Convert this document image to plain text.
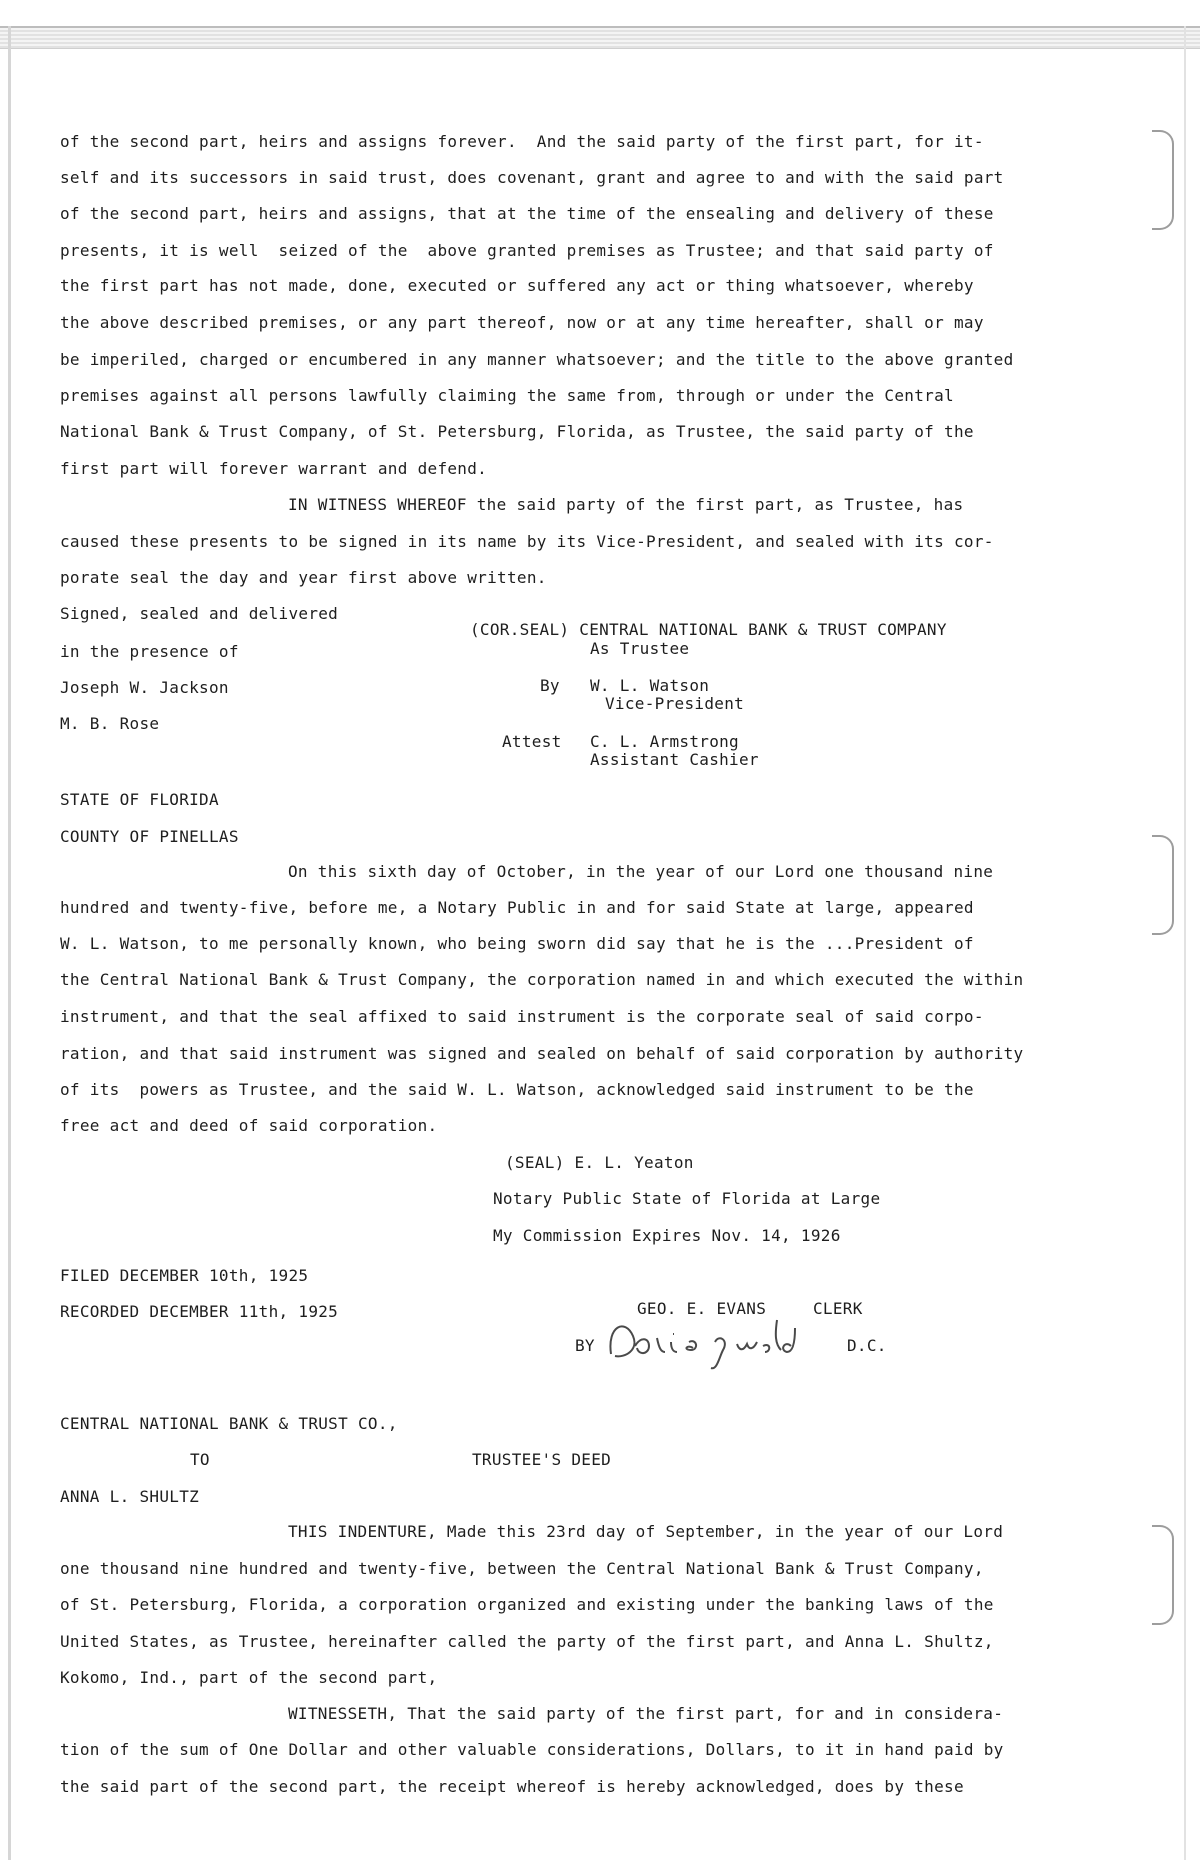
of the second part, heirs and assigns forever.  And the said party of the first part, for it-
self and its successors in said trust, does covenant, grant and agree to and with the said part
of the second part, heirs and assigns, that at the time of the ensealing and delivery of these
presents, it is well  seized of the  above granted premises as Trustee; and that said party of
the first part has not made, done, executed or suffered any act or thing whatsoever, whereby
the above described premises, or any part thereof, now or at any time hereafter, shall or may
be imperiled, charged or encumbered in any manner whatsoever; and the title to the above granted
premises against all persons lawfully claiming the same from, through or under the Central
National Bank & Trust Company, of St. Petersburg, Florida, as Trustee, the said party of the
first part will forever warrant and defend.
IN WITNESS WHEREOF the said party of the first part, as Trustee, has
caused these presents to be signed in its name by its Vice-President, and sealed with its cor-
porate seal the day and year first above written.
Signed, sealed and delivered
in the presence of
Joseph W. Jackson
M. B. Rose
(COR.SEAL) CENTRAL NATIONAL BANK & TRUST COMPANY
As Trustee
By W. L. Watson
Vice-President
Attest C. L. Armstrong
Assistant Cashier
STATE OF FLORIDA
COUNTY OF PINELLAS
On this sixth day of October, in the year of our Lord one thousand nine
hundred and twenty-five, before me, a Notary Public in and for said State at large, appeared
W. L. Watson, to me personally known, who being sworn did say that he is the ...President of
the Central National Bank & Trust Company, the corporation named in and which executed the within
instrument, and that the seal affixed to said instrument is the corporate seal of said corpo-
ration, and that said instrument was signed and sealed on behalf of said corporation by authority
of its  powers as Trustee, and the said W. L. Watson, acknowledged said instrument to be the
free act and deed of said corporation.
(SEAL) E. L. Yeaton
Notary Public State of Florida at Large
My Commission Expires Nov. 14, 1926
FILED DECEMBER 10th, 1925
RECORDED DECEMBER 11th, 1925	GEO. E. EVANS	CLERK
BY	D.C.
CENTRAL NATIONAL BANK & TRUST CO.,
TO	TRUSTEE'S DEED
ANNA L. SHULTZ
THIS INDENTURE, Made this 23rd day of September, in the year of our Lord
one thousand nine hundred and twenty-five, between the Central National Bank & Trust Company,
of St. Petersburg, Florida, a corporation organized and existing under the banking laws of the
United States, as Trustee, hereinafter called the party of the first part, and Anna L. Shultz,
Kokomo, Ind., part of the second part,
WITNESSETH, That the said party of the first part, for and in considera-
tion of the sum of One Dollar and other valuable considerations, Dollars, to it in hand paid by
the said part of the second part, the receipt whereof is hereby acknowledged, does by these
